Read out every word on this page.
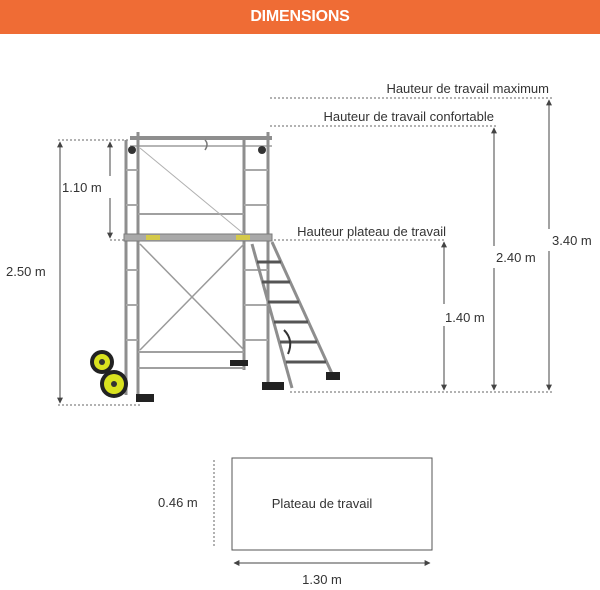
DIMENSIONS
Hauteur de travail maximum
Hauteur de travail confortable
Hauteur plateau de travail
2.50 m
1.10 m
1.40 m
2.40 m
3.40 m
Plateau de travail
0.46 m
1.30 m
